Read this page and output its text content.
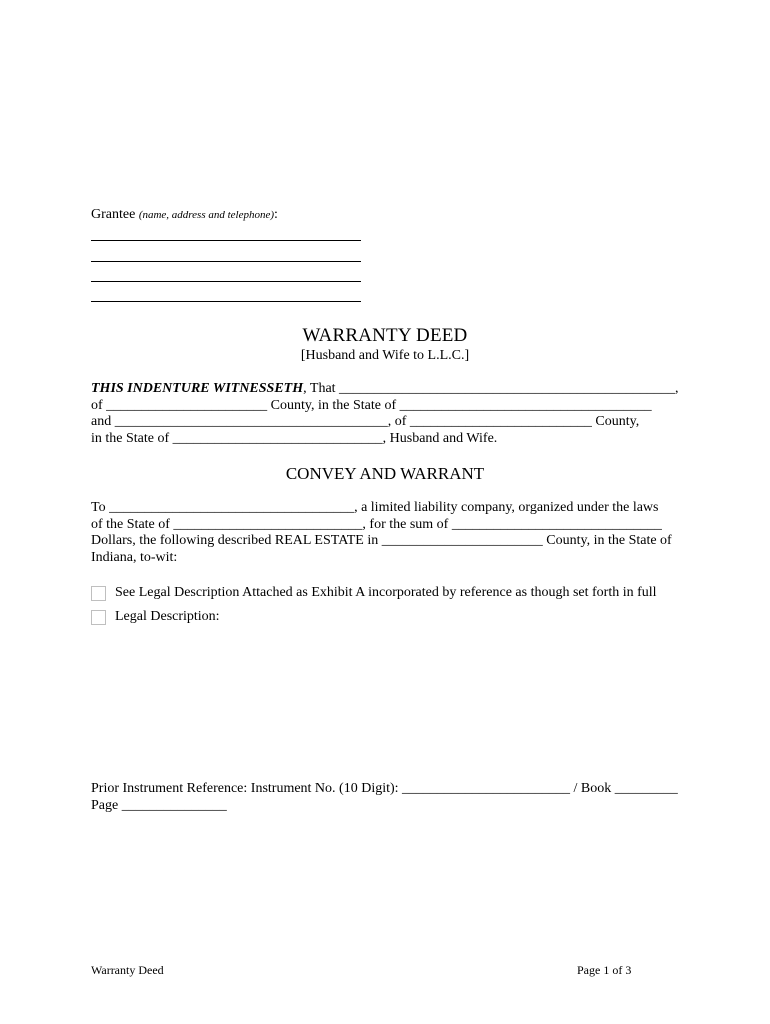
Grantee (name, address and telephone):
WARRANTY DEED
[Husband and Wife to L.L.C.]
THIS INDENTURE WITNESSETH, That ________________________________________________,
of _______________________ County, in the State of ____________________________________
and _______________________________________, of __________________________ County,
in the State of ______________________________, Husband and Wife.
CONVEY AND WARRANT
To ___________________________________, a limited liability company, organized under the laws
of the State of ___________________________, for the sum of ______________________________
Dollars, the following described REAL ESTATE in _______________________ County, in the State of
Indiana, to-wit:
See Legal Description Attached as Exhibit A incorporated by reference as though set forth in full
Legal Description:
Prior Instrument Reference: Instrument No. (10 Digit): ________________________ / Book _________
Page _______________
Warranty Deed	Page 1 of 3
